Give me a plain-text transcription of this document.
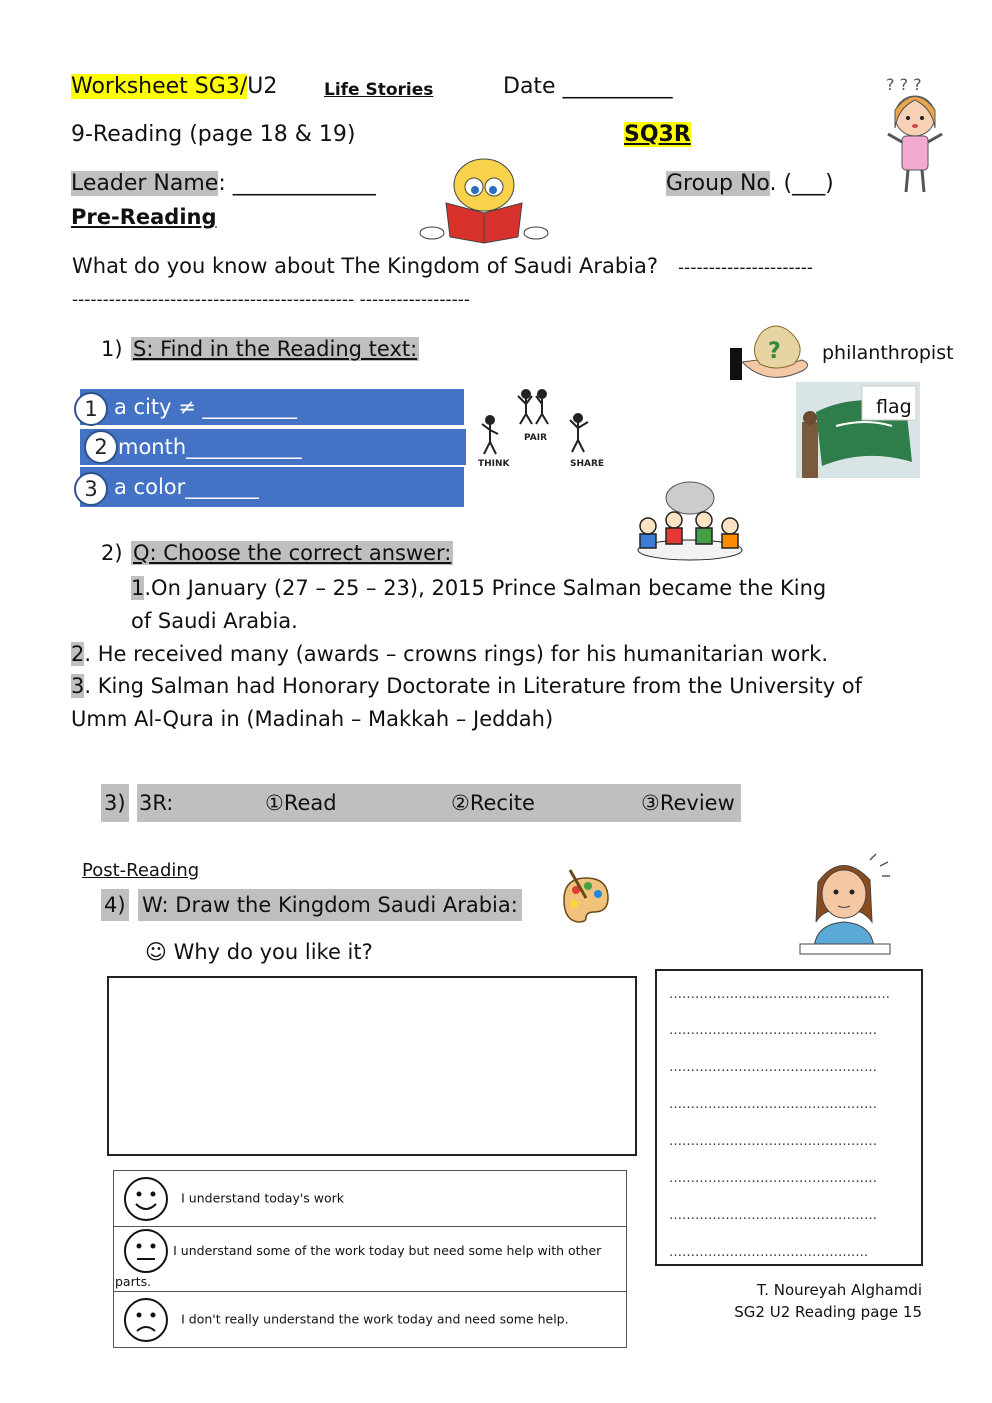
Worksheet SG3/U2	Life Stories	Date __________	? ? ?
9-Reading (page 18 & 19)	SQ3R
Leader Name: _____________	Group No. (___)
Pre-Reading
What do you know about The Kingdom of Saudi Arabia? ----------------------
---------------------------------------------- ------------------
1) S: Find in the Reading text:	? philanthropist
flag
a city ≠ _________
1
month___________
2
a color_______
3
THINK
PAIR
SHARE
2) Q: Choose the correct answer:
1.On January (27 – 25 – 23), 2015 Prince Salman became the King
of Saudi Arabia.
2. He received many (awards – crowns rings) for his humanitarian work.
3. King Salman had Honorary Doctorate in Literature from the University of
Umm Al-Qura in (Madinah – Makkah – Jeddah)
3) 3R:	①Read	②Recite	③Review
Post-Reading
4) W: Draw the Kingdom Saudi Arabia:
☺ Why do you like it?
……………………………………………
…………………………………………
…………………………………………
…………………………………………
…………………………………………
…………………………………………
…………………………………………
……………………………………….
I understand today's work
I understand some of the work today but need some help with other parts.
I don't really understand the work today and need some help.
T. Noureyah Alghamdi
SG2 U2 Reading page 15
